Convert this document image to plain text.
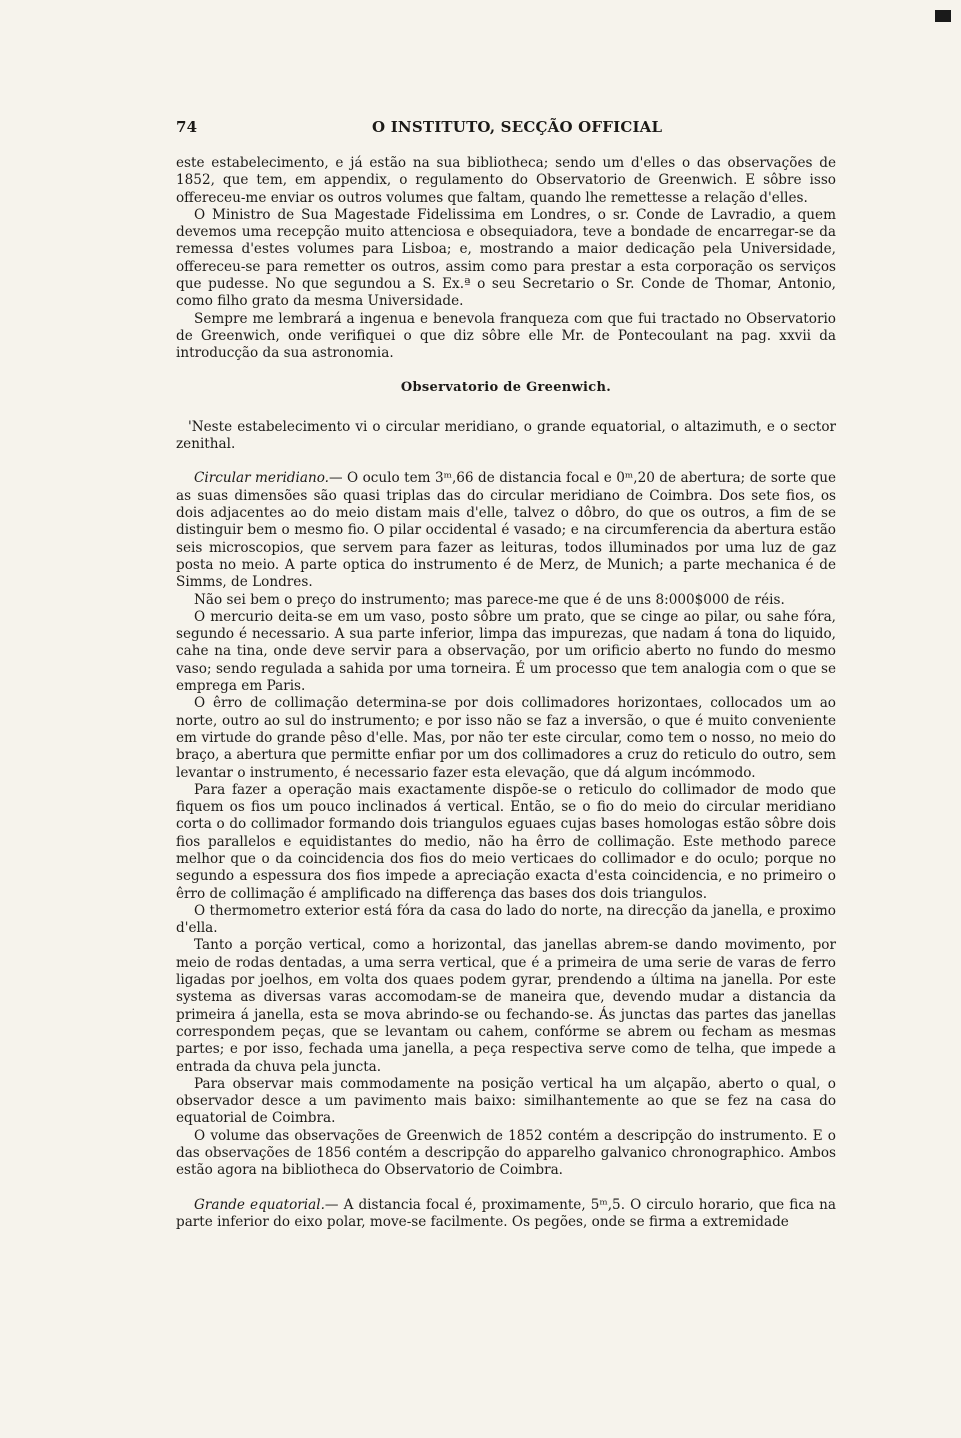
74	O INSTITUTO, SECÇÃO OFFICIAL

este estabelecimento, e já estão na sua bibliotheca; sendo um d'elles o das observações de 1852, que tem, em appendix, o regulamento do Observatorio de Greenwich. E sôbre isso offereceu-me enviar os outros volumes que faltam, quando lhe remettesse a relação d'elles.

O Ministro de Sua Magestade Fidelissima em Londres, o sr. Conde de Lavradio, a quem devemos uma recepção muito attenciosa e obsequiadora, teve a bondade de encarregar-se da remessa d'estes volumes para Lisboa; e, mostrando a maior dedicação pela Universidade, offereceu-se para remetter os outros, assim como para prestar a esta corporação os serviços que pudesse. No que segundou a S. Ex.ª o seu Secretario o Sr. Conde de Thomar, Antonio, como filho grato da mesma Universidade.

Sempre me lembrará a ingenua e benevola franqueza com que fui tractado no Observatorio de Greenwich, onde verifiquei o que diz sôbre elle Mr. de Pontecoulant na pag. xxvii da introducção da sua astronomia.

Observatorio de Greenwich.

'Neste estabelecimento vi o circular meridiano, o grande equatorial, o altazimuth, e o sector zenithal.

Circular meridiano.— O oculo tem 3ᵐ,66 de distancia focal e 0ᵐ,20 de abertura; de sorte que as suas dimensões são quasi triplas das do circular meridiano de Coimbra. Dos sete fios, os dois adjacentes ao do meio distam mais d'elle, talvez o dôbro, do que os outros, a fim de se distinguir bem o mesmo fio. O pilar occidental é vasado; e na circumferencia da abertura estão seis microscopios, que servem para fazer as leituras, todos illuminados por uma luz de gaz posta no meio. A parte optica do instrumento é de Merz, de Munich; a parte mechanica é de Simms, de Londres.

Não sei bem o preço do instrumento; mas parece-me que é de uns 8:000$000 de réis.

O mercurio deita-se em um vaso, posto sôbre um prato, que se cinge ao pilar, ou sahe fóra, segundo é necessario. A sua parte inferior, limpa das impurezas, que nadam á tona do liquido, cahe na tina, onde deve servir para a observação, por um orificio aberto no fundo do mesmo vaso; sendo regulada a sahida por uma torneira. É um processo que tem analogia com o que se emprega em Paris.

O êrro de collimação determina-se por dois collimadores horizontaes, collocados um ao norte, outro ao sul do instrumento; e por isso não se faz a inversão, o que é muito conveniente em virtude do grande pêso d'elle. Mas, por não ter este circular, como tem o nosso, no meio do braço, a abertura que permitte enfiar por um dos collimadores a cruz do reticulo do outro, sem levantar o instrumento, é necessario fazer esta elevação, que dá algum incómmodo.

Para fazer a operação mais exactamente dispõe-se o reticulo do collimador de modo que fiquem os fios um pouco inclinados á vertical. Então, se o fio do meio do circular meridiano corta o do collimador formando dois triangulos eguaes cujas bases homologas estão sôbre dois fios parallelos e equidistantes do medio, não ha êrro de collimação. Este methodo parece melhor que o da coincidencia dos fios do meio verticaes do collimador e do oculo; porque no segundo a espessura dos fios impede a apreciação exacta d'esta coincidencia, e no primeiro o êrro de collimação é amplificado na differença das bases dos dois triangulos.

O thermometro exterior está fóra da casa do lado do norte, na direcção da janella, e proximo d'ella.

Tanto a porção vertical, como a horizontal, das janellas abrem-se dando movimento, por meio de rodas dentadas, a uma serra vertical, que é a primeira de uma serie de varas de ferro ligadas por joelhos, em volta dos quaes podem gyrar, prendendo a última na janella. Por este systema as diversas varas accomodam-se de maneira que, devendo mudar a distancia da primeira á janella, esta se mova abrindo-se ou fechando-se. Ás junctas das partes das janellas correspondem peças, que se levantam ou cahem, confórme se abrem ou fecham as mesmas partes; e por isso, fechada uma janella, a peça respectiva serve como de telha, que impede a entrada da chuva pela juncta.

Para observar mais commodamente na posição vertical ha um alçapão, aberto o qual, o observador desce a um pavimento mais baixo: similhantemente ao que se fez na casa do equatorial de Coimbra.

O volume das observações de Greenwich de 1852 contém a descripção do instrumento. E o das observações de 1856 contém a descripção do apparelho galvanico chronographico. Ambos estão agora na bibliotheca do Observatorio de Coimbra.

Grande equatorial.— A distancia focal é, proximamente, 5ᵐ,5. O circulo horario, que fica na parte inferior do eixo polar, move-se facilmente. Os pegões, onde se firma a extremidade
